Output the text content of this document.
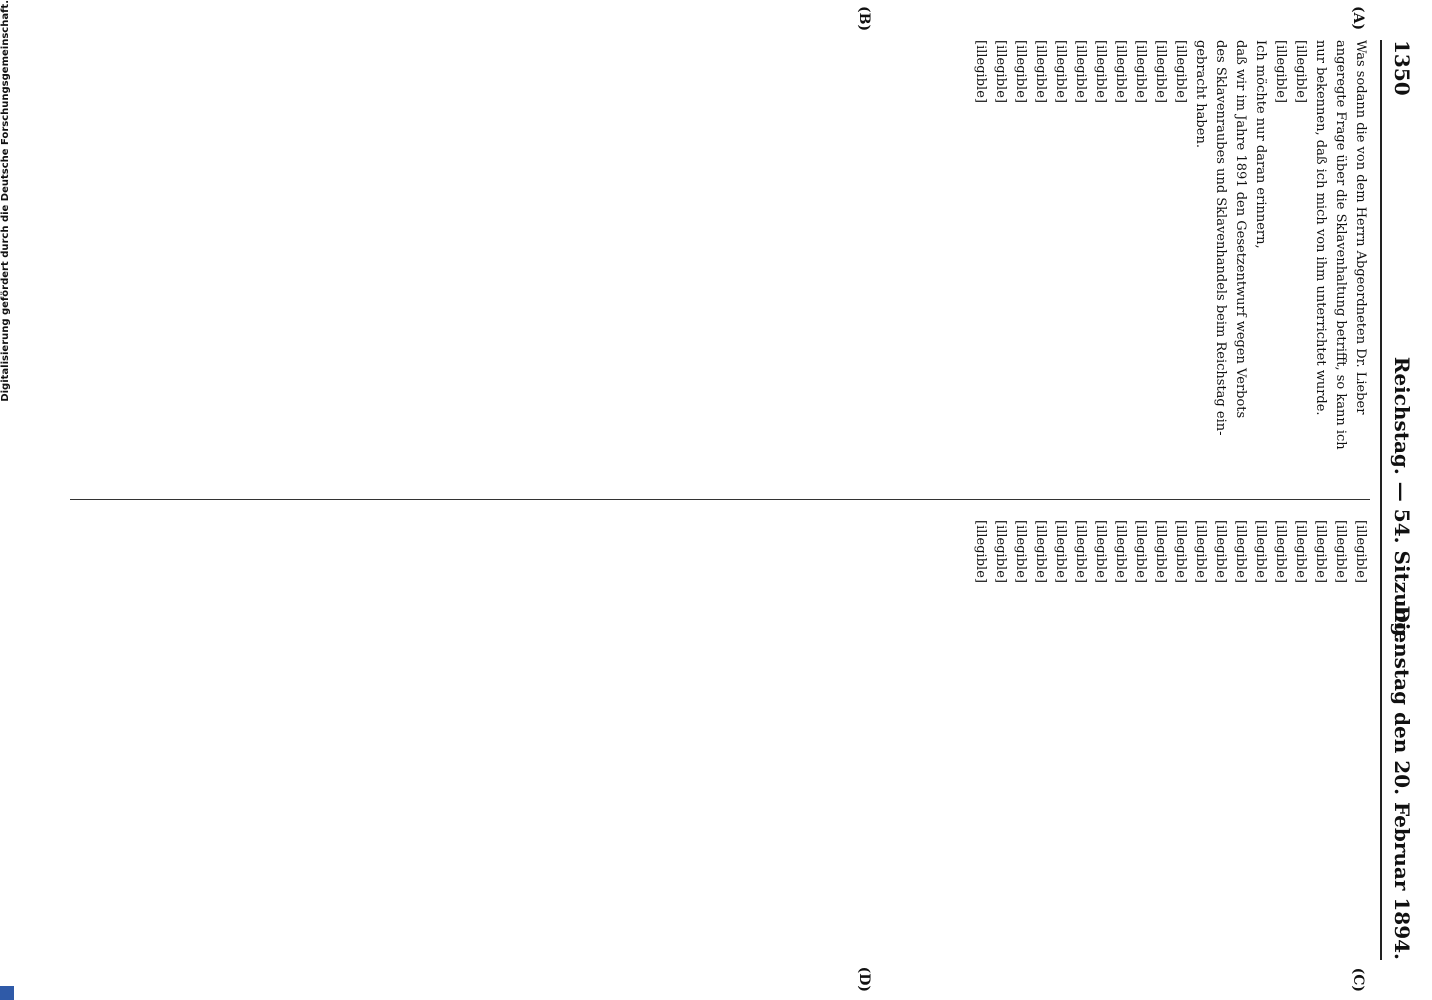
1350
Reichstag. — 54. Sitzung.
Dienstag den 20. Februar 1894.
(A)
(B)
(C)
(D)
Was sodann die von dem Herrn Abgeordneten Dr. Lieber
angeregte Frage über die Sklavenhaltung betrifft, so kann ich
nur bekennen, daß ich mich von ihm unterrichtet wurde.
[illegible]
[illegible]
Ich möchte nur daran erinnern,
daß wir im Jahre 1891 den Gesetzentwurf wegen Verbots
des Sklavenraubes und Sklavenhandels beim Reichstag ein-
gebracht haben.
[illegible]
[illegible]
[illegible]
[illegible]
[illegible]
[illegible]
[illegible]
[illegible]
[illegible]
[illegible]
[illegible]
[illegible]
[illegible]
[illegible]
[illegible]
[illegible]
[illegible]
[illegible]
[illegible]
[illegible]
[illegible]
[illegible]
[illegible]
[illegible]
[illegible]
[illegible]
[illegible]
[illegible]
[illegible]
[illegible]
[illegible]
Digitalisierung gefördert durch die Deutsche Forschungsgemeinschaft.
